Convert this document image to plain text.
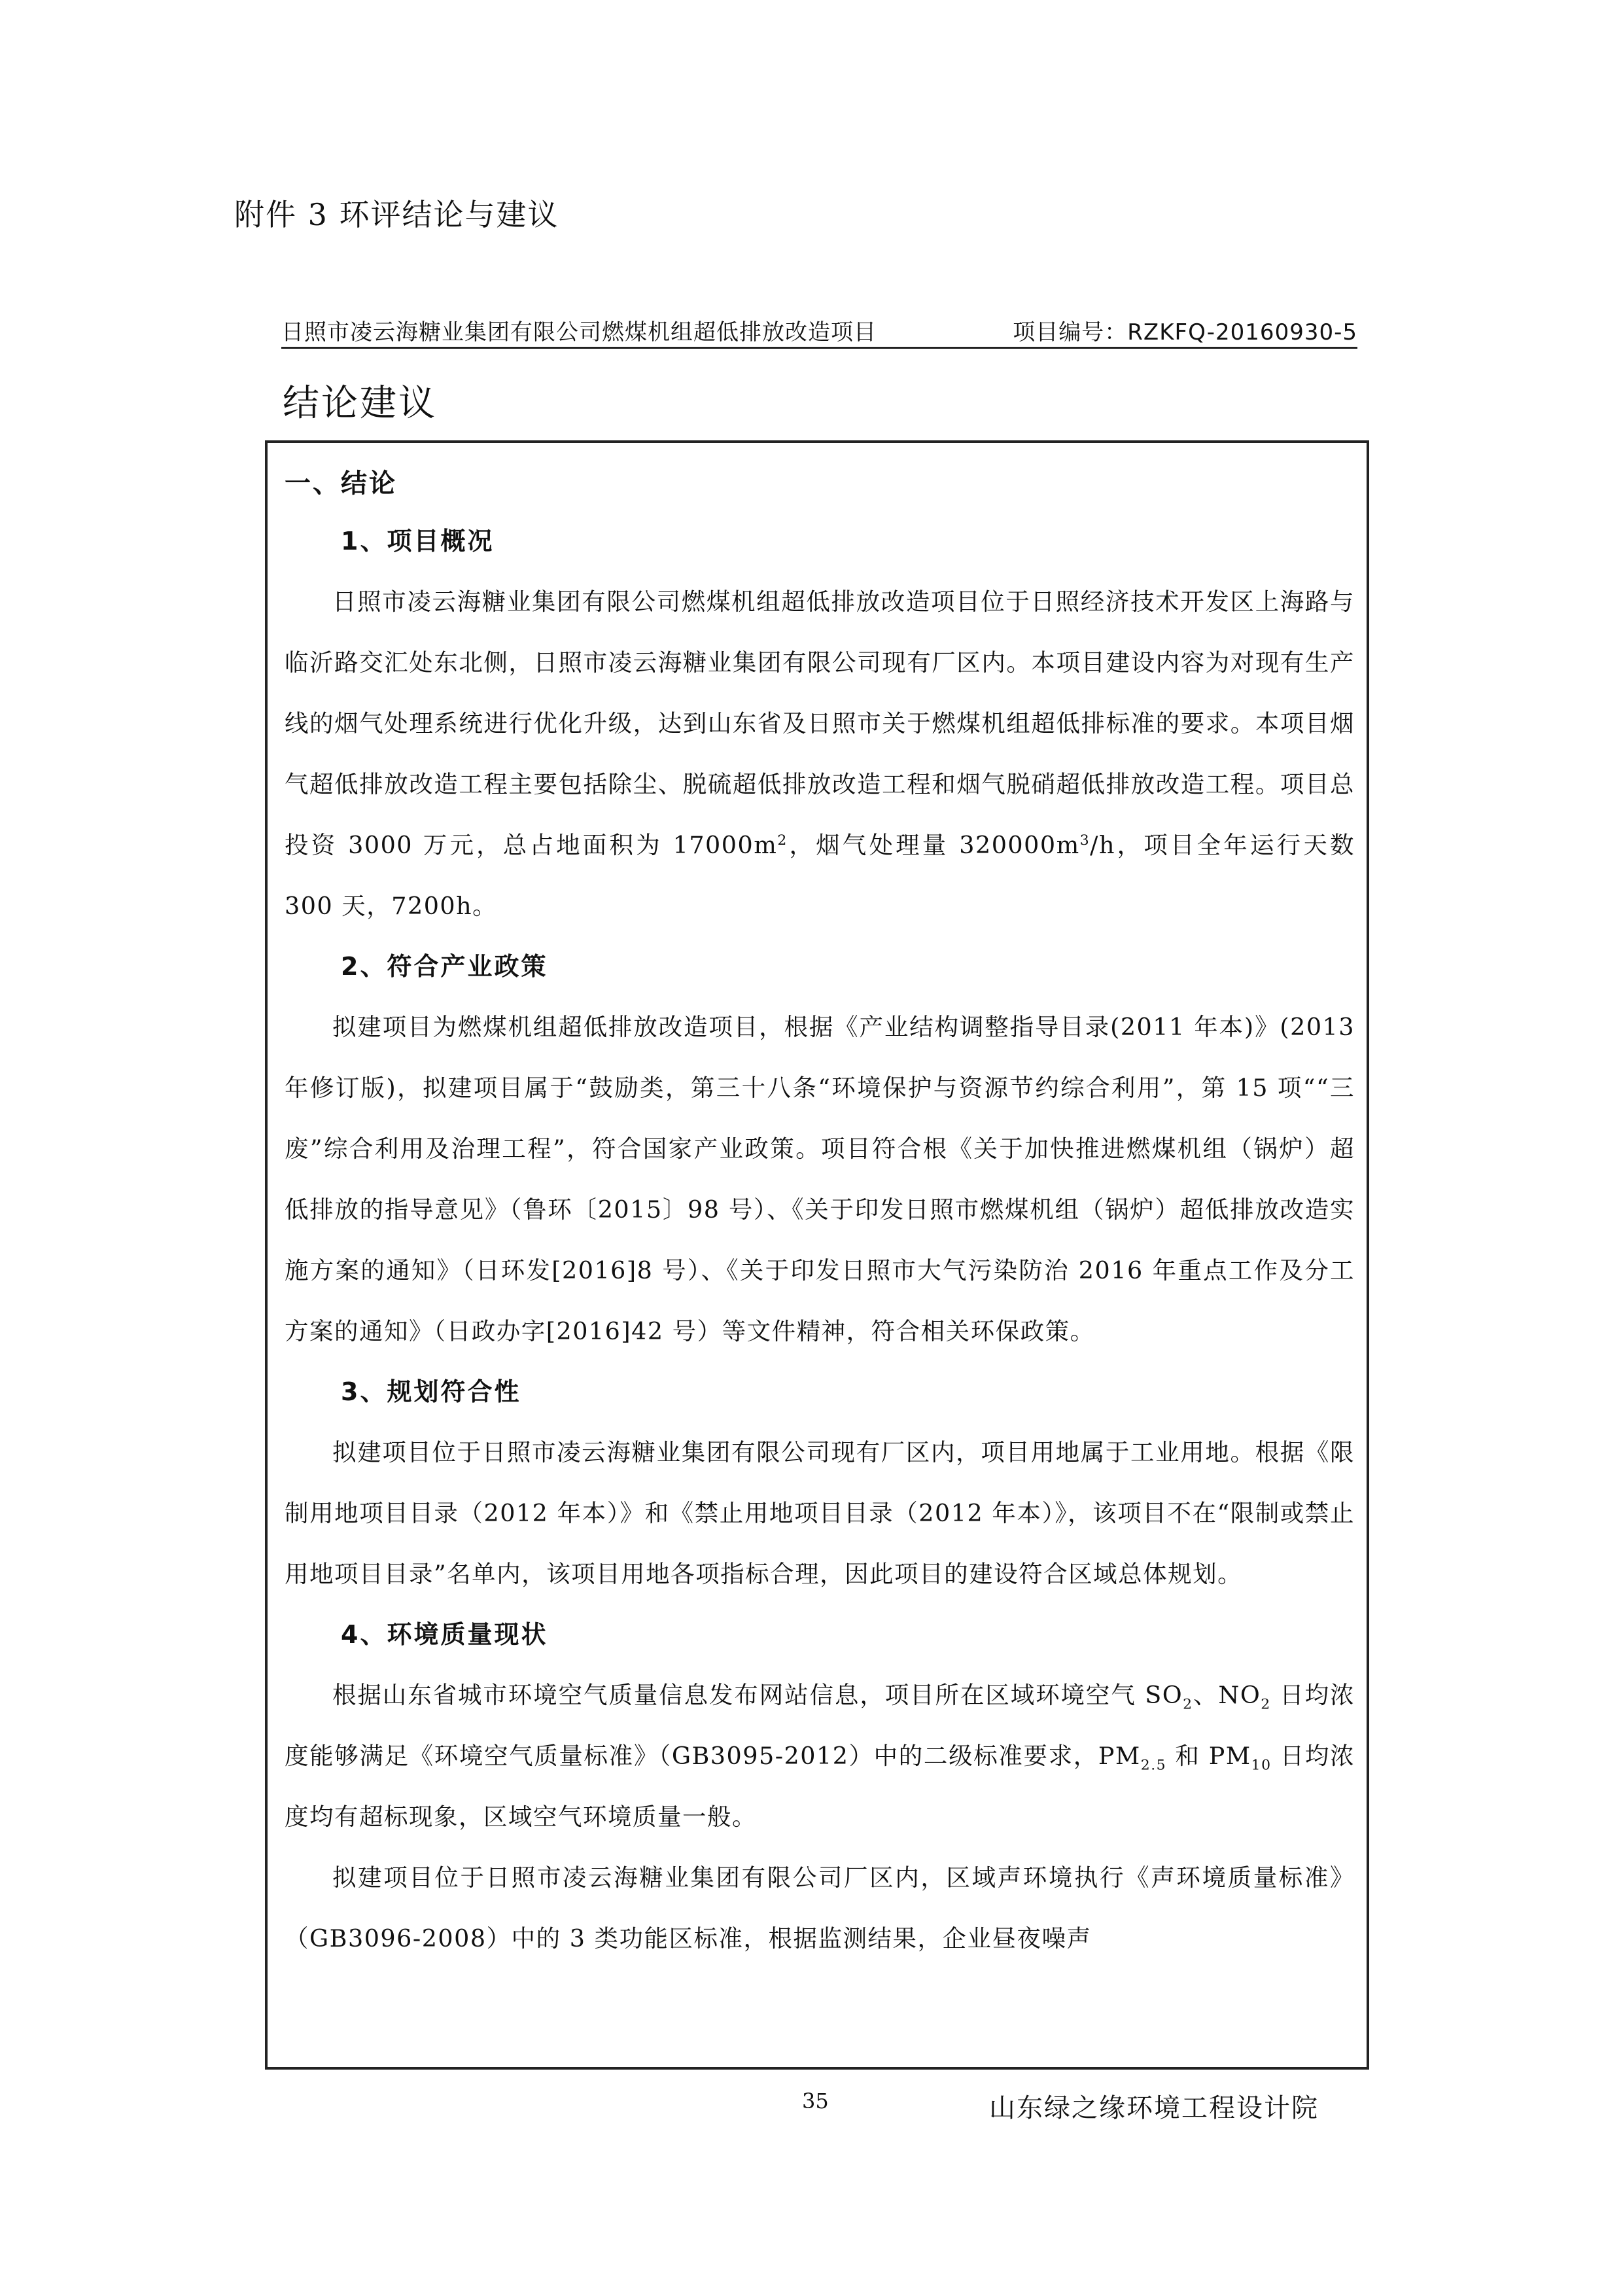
附件 3 环评结论与建议
日照市凌云海糖业集团有限公司燃煤机组超低排放改造项目	项目编号：RZKFQ-20160930-5
结论建议
一、结论
1、项目概况

日照市凌云海糖业集团有限公司燃煤机组超低排放改造项目位于日照经济技术开发区上海路与临沂路交汇处东北侧，日照市凌云海糖业集团有限公司现有厂区内。本项目建设内容为对现有生产线的烟气处理系统进行优化升级，达到山东省及日照市关于燃煤机组超低排标准的要求。本项目烟气超低排放改造工程主要包括除尘、脱硫超低排放改造工程和烟气脱硝超低排放改造工程。项目总投资 3000 万元，总占地面积为 $17000m^2$，烟气处理量 $320000m^3/h$，项目全年运行天数 300 天，7200h。

2、符合产业政策

拟建项目为燃煤机组超低排放改造项目，根据《产业结构调整指导目录(2011 年本)》(2013 年修订版)，拟建项目属于“鼓励类，第三十八条“环境保护与资源节约综合利用”，第 15 项““三废”综合利用及治理工程”，符合国家产业政策。项目符合根《关于加快推进燃煤机组（锅炉）超低排放的指导意见》（鲁环〔2015〕98 号）、《关于印发日照市燃煤机组（锅炉）超低排放改造实施方案的通知》（日环发[2016]8 号）、《关于印发日照市大气污染防治 2016 年重点工作及分工方案的通知》（日政办字[2016]42 号）等文件精神，符合相关环保政策。

3、规划符合性

拟建项目位于日照市凌云海糖业集团有限公司现有厂区内，项目用地属于工业用地。根据《限制用地项目目录（2012 年本）》和《禁止用地项目目录（2012 年本）》，该项目不在“限制或禁止用地项目目录”名单内，该项目用地各项指标合理，因此项目的建设符合区域总体规划。

4、环境质量现状

根据山东省城市环境空气质量信息发布网站信息，项目所在区域环境空气 $SO_2$、$NO_2$ 日均浓度能够满足《环境空气质量标准》（GB3095-2012）中的二级标准要求，$PM_{2.5}$ 和 $PM_{10}$ 日均浓度均有超标现象，区域空气环境质量一般。

拟建项目位于日照市凌云海糖业集团有限公司厂区内，区域声环境执行《声环境质量标准》（GB3096-2008）中的 3 类功能区标准，根据监测结果，企业昼夜噪声

35	山东绿之缘环境工程设计院
